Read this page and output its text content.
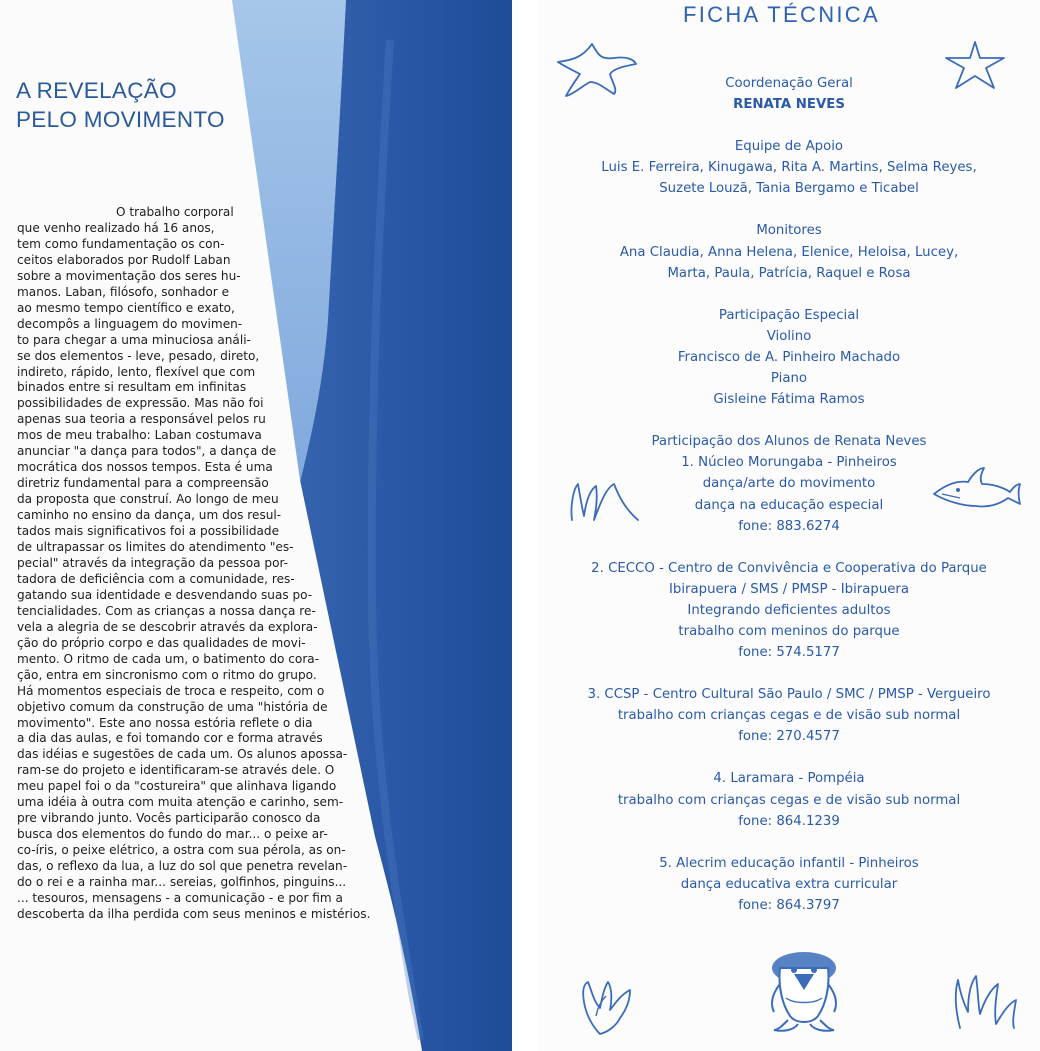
A REVELAÇÃO
PELO MOVIMENTO
O trabalho corporal
que venho realizado há 16 anos,
tem como fundamentação os con-
ceitos elaborados por Rudolf Laban
sobre a movimentação dos seres hu-
manos. Laban, filósofo, sonhador e
ao mesmo tempo científico e exato,
decompôs a linguagem do movimen-
to para chegar a uma minuciosa análi-
se dos elementos - leve, pesado, direto,
indireto, rápido, lento, flexível que com
binados entre si resultam em infinitas
possibilidades de expressão. Mas não foi
apenas sua teoria a responsável pelos ru
mos de meu trabalho: Laban costumava
anunciar "a dança para todos", a dança de
mocrática dos nossos tempos. Esta é uma
diretriz fundamental para a compreensão
da proposta que construí. Ao longo de meu
caminho no ensino da dança, um dos resul-
tados mais significativos foi a possibilidade
de ultrapassar os limites do atendimento "es-
pecial" através da integração da pessoa por-
tadora de deficiência com a comunidade, res-
gatando sua identidade e desvendando suas po-
tencialidades. Com as crianças a nossa dança re-
vela a alegria de se descobrir através da explora-
ção do próprio corpo e das qualidades de movi-
mento. O ritmo de cada um, o batimento do cora-
ção, entra em sincronismo com o ritmo do grupo.
Há momentos especiais de troca e respeito, com o
objetivo comum da construção de uma "história de
movimento". Este ano nossa estória reflete o dia
a dia das aulas, e foi tomando cor e forma através
das idéias e sugestões de cada um. Os alunos apossa-
ram-se do projeto e identificaram-se através dele. O
meu papel foi o da "costureira" que alinhava ligando
uma idéia à outra com muita atenção e carinho, sem-
pre vibrando junto. Vocês participarão conosco da
busca dos elementos do fundo do mar... o peixe ar-
co-íris, o peixe elétrico, a ostra com sua pérola, as on-
das, o reflexo da lua, a luz do sol que penetra revelan-
do o rei e a rainha mar... sereias, golfinhos, pinguins...
... tesouros, mensagens - a comunicação - e por fim a
descoberta da ilha perdida com seus meninos e mistérios.
FICHA TÉCNICA
Coordenação Geral
RENATA NEVES
Equipe de Apoio
Luis E. Ferreira, Kinugawa, Rita A. Martins, Selma Reyes,
Suzete Louzã, Tania Bergamo e Ticabel
Monitores
Ana Claudia, Anna Helena, Elenice, Heloisa, Lucey,
Marta, Paula, Patrícia, Raquel e Rosa
Participação Especial
Violino
Francisco de A. Pinheiro Machado
Piano
Gisleine Fátima Ramos
Participação dos Alunos de Renata Neves
1. Núcleo Morungaba - Pinheiros
dança/arte do movimento
dança na educação especial
fone: 883.6274
2. CECCO - Centro de Convivência e Cooperativa do Parque
Ibirapuera / SMS / PMSP - Ibirapuera
Integrando deficientes adultos
trabalho com meninos do parque
fone: 574.5177
3. CCSP - Centro Cultural São Paulo / SMC / PMSP - Vergueiro
trabalho com crianças cegas e de visão sub normal
fone: 270.4577
4. Laramara - Pompéia
trabalho com crianças cegas e de visão sub normal
fone: 864.1239
5. Alecrim educação infantil - Pinheiros
dança educativa extra curricular
fone: 864.3797
